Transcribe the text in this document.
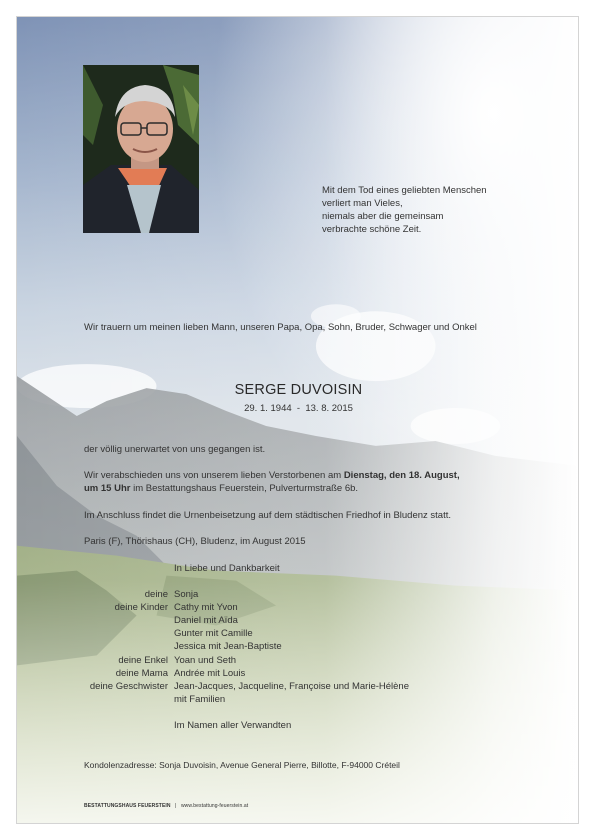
Mit dem Tod eines geliebten Menschen
verliert man Vieles,
niemals aber die gemeinsam
verbrachte schöne Zeit.
Wir trauern um meinen lieben Mann, unseren Papa, Opa, Sohn, Bruder, Schwager und Onkel
SERGE DUVOISIN
29. 1. 1944  -  13. 8. 2015
der völlig unerwartet von uns gegangen ist.
Wir verabschieden uns von unserem lieben Verstorbenen am Dienstag, den 18. August,
um 15 Uhr im Bestattungshaus Feuerstein, Pulverturmstraße 6b.
Im Anschluss findet die Urnenbeisetzung auf dem städtischen Friedhof in Bludenz statt.
Paris (F), Thörishaus (CH), Bludenz, im August 2015
In Liebe und Dankbarkeit
deine Sonja
deine Kinder Cathy mit Yvon
Daniel mit Aïda
Gunter mit Camille
Jessica mit Jean-Baptiste
deine Enkel Yoan und Seth
deine Mama Andrée mit Louis
deine Geschwister Jean-Jacques, Jacqueline, Françoise und Marie-Hélène
mit Familien
Im Namen aller Verwandten
Kondolenzadresse: Sonja Duvoisin, Avenue General Pierre, Billotte, F-94000 Créteil
BESTATTUNGSHAUS FEUERSTEIN | www.bestattung-feuerstein.at
